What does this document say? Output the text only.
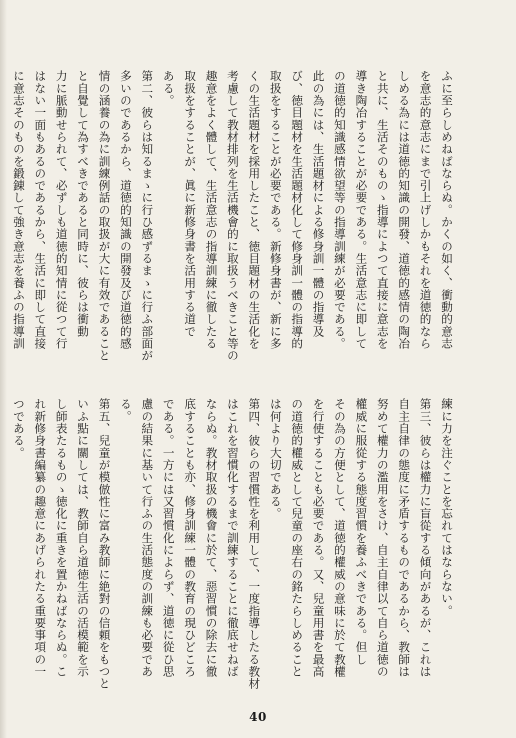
ふに至らしめねばならぬ。かくの如く、衝動的意志
を意志的意志にまで引上げしかもそれを道徳的なら
しめる為には道徳的知識の開發、道徳的感情の陶冶
と共に、生活そのものゝ指導によつて直接に意志を
導き陶冶することが必要である。生活意志に即して
の道徳的知識感情欲望等の指導訓練が必要である。
此の為には、生活題材による修身訓一體の指導及
び、徳目題材を生活題材化して修身訓一體の指導的
取扱をすることが必要である。新修身書が、新に多
くの生活題材を採用したこと、徳目題材の生活化を
考慮して教材排列を生活機會的に取扱うべきこと等の
趣意をよく體して、生活意志の指導訓練に徹したる
取扱をすることが、眞に新修身書を活用する道で
ある。
第二、彼らは知るまゝに行ひ感ずるまゝに行ふ部面が
多いのであるから、道徳的知識の開發及び道徳的感
情の涵養の為に訓練例話の取扱が大に有效であること
と自覺して為すべきであると同時に、彼らは衝動
力に脈動せられて、必ずしも道徳的知情に從つて行
はない一面もあるのであるから、生活に即して直接
に意志そのものを鍛錬して強き意志を養ふの指導訓
練に力を注ぐことを忘れてはならない。
第三、彼らは權力に盲從する傾向があるが、これは
自主自律の態度に矛盾するものであるから、教師は
努めて權力の濫用をさけ、自主自律以て自ら道徳の
權威に服從する態度習慣を養ふべきである。但し
その為の方便として、道徳的權威の意味に於て教權
を行使することも必要である。又、兒童用書を最高
の道徳的權威として兒童の座右の銘たらしめること
は何より大切である。
第四、彼らの習慣性を利用して、一度指導したる教材
はこれを習慣化するまで訓練することに徹底せねば
ならぬ。教材取扱の機會に於て、惡習慣の除去に徹
底することも亦、修身訓練一體の教育の現ひどころ
である。一方には又習慣化によらず、道徳に從ひ思
慮の結果に基いて行ふの生活態度の訓練も必要であ
る。
第五、兒童が模倣性に富み教師に絶對の信頼をもつと
いふ點に關しては、教師自ら道徳生活の活模範を示
し師表たるものゝ徳化に重きを置かねばならぬ。こ
れ新修身書編纂の趣意にあげられたる重要事項の一
つである。
40
